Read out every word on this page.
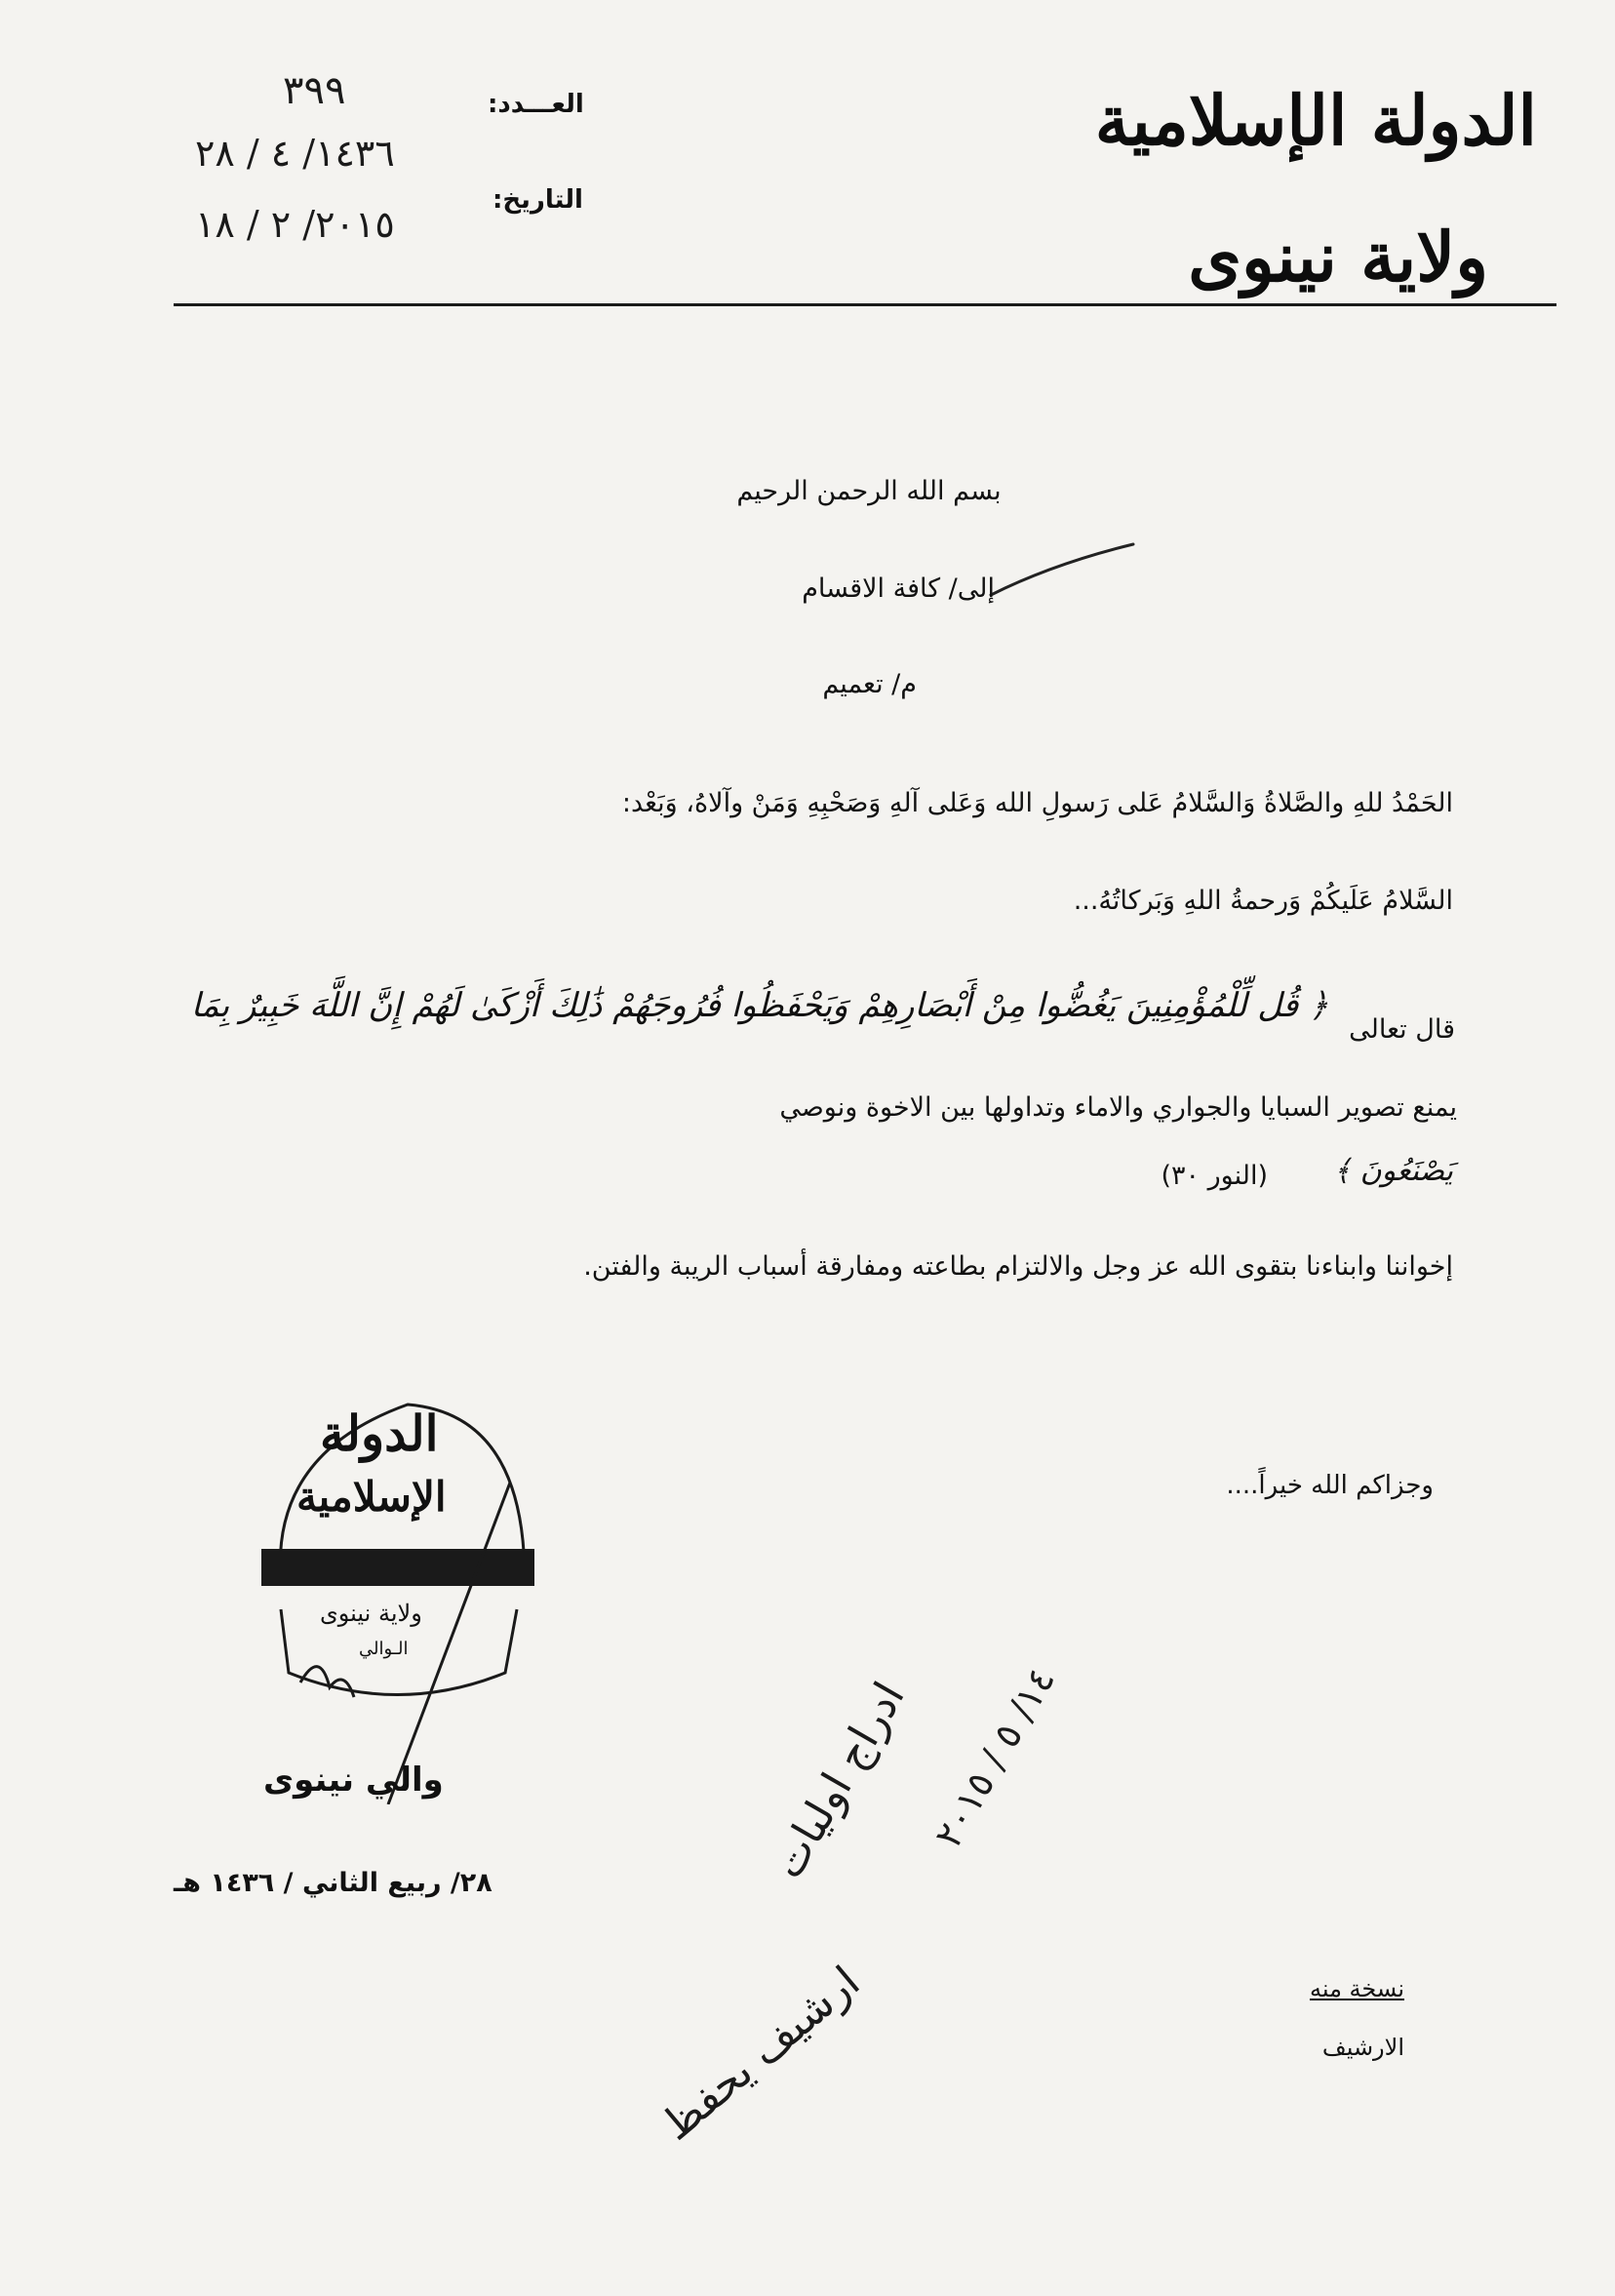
الدولة الإسلامية
ولاية نينوى
العـــدد:
٣٩٩
١٤٣٦/ ٤ / ٢٨
التاريخ:
٢٠١٥/ ٢ / ١٨
بسم الله الرحمن الرحيم
إلى/ كافة الاقسام
م/ تعميم
الحَمْدُ للهِ والصَّلاةُ وَالسَّلامُ عَلى رَسولِ الله وَعَلى آلهِ وَصَحْبِهِ وَمَنْ وآلاهُ، وَبَعْد:
السَّلامُ عَلَيكُمْ وَرحمةُ اللهِ وَبَركاتُهُ...
قال تعالى
﴿ قُل لِّلْمُؤْمِنِينَ يَغُضُّوا مِنْ أَبْصَارِهِمْ وَيَحْفَظُوا فُرُوجَهُمْ ذَٰلِكَ أَزْكَىٰ لَهُمْ إِنَّ اللَّهَ خَبِيرٌ بِمَا
يمنع تصوير السبايا والجواري والاماء وتداولها بين الاخوة ونوصي
يَصْنَعُونَ ﴾
(النور ٣٠)
إخواننا وابناءنا بتقوى الله عز وجل والالتزام بطاعته ومفارقة أسباب الريبة والفتن.
وجزاكم الله خيراً....
الدولة
الإسلامية
ولاية نينوى
الـوالي
والي نينوى
٢٨/ ربيع الثاني / ١٤٣٦ هـ	ادراج اوليات ١٤/ ٥ / ٢٠١٥
ارشيف يحفظ	نسخة منه
الارشيف
